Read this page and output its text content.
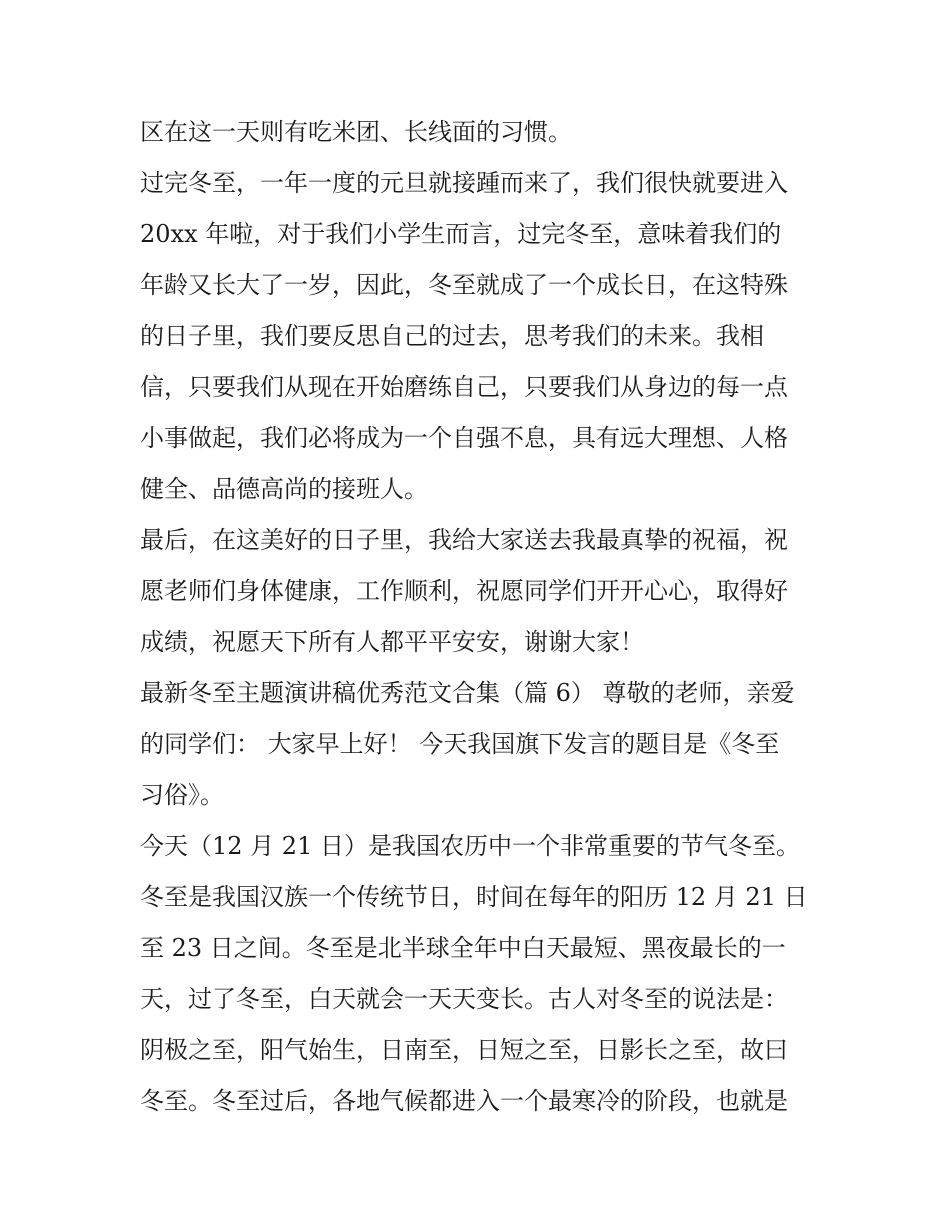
区在这一天则有吃米团、长线面的习惯。
过完冬至，一年一度的元旦就接踵而来了，我们很快就要进入
20xx 年啦，对于我们小学生而言，过完冬至，意味着我们的
年龄又长大了一岁，因此，冬至就成了一个成长日，在这特殊
的日子里，我们要反思自己的过去，思考我们的未来。我相
信，只要我们从现在开始磨练自己，只要我们从身边的每一点
小事做起，我们必将成为一个自强不息，具有远大理想、人格
健全、品德高尚的接班人。
最后，在这美好的日子里，我给大家送去我最真挚的祝福，祝
愿老师们身体健康，工作顺利，祝愿同学们开开心心，取得好
成绩，祝愿天下所有人都平平安安，谢谢大家！
最新冬至主题演讲稿优秀范文合集（篇 6） 尊敬的老师，亲爱
的同学们： 大家早上好！ 今天我国旗下发言的题目是《冬至
习俗》。
今天（12 月 21 日）是我国农历中一个非常重要的节气冬至。
冬至是我国汉族一个传统节日，时间在每年的阳历 12 月 21 日
至 23 日之间。冬至是北半球全年中白天最短、黑夜最长的一
天，过了冬至，白天就会一天天变长。古人对冬至的说法是：
阴极之至，阳气始生，日南至，日短之至，日影长之至，故曰
冬至。冬至过后，各地气候都进入一个最寒冷的阶段，也就是
